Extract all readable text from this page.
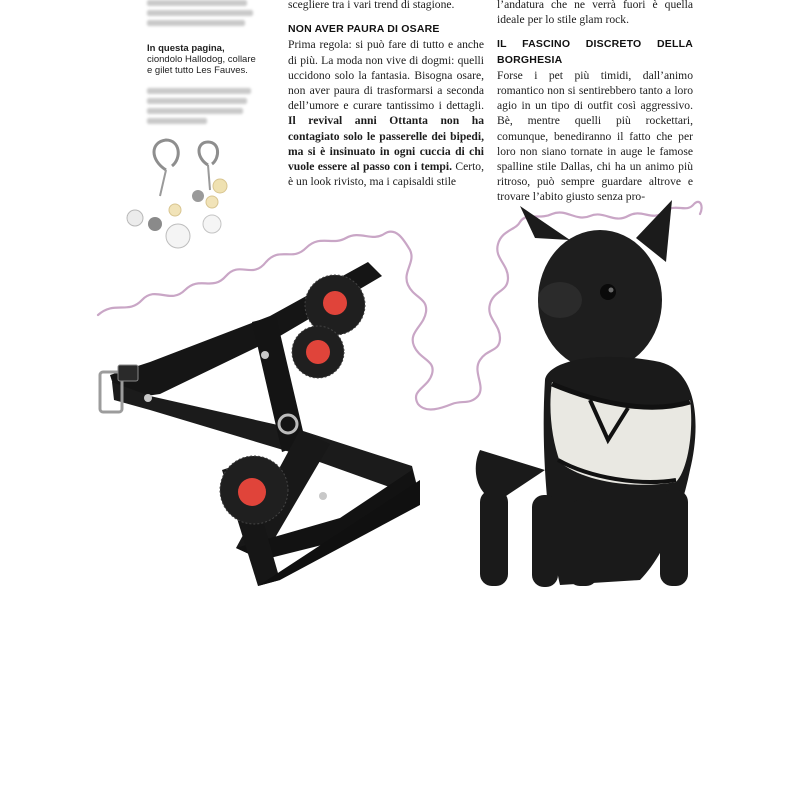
In questa pagina, ciondolo Hallodog, collare e gilet tutto Les Fauves.

scegliere tra i vari trend di stagione.

NON AVER PAURA DI OSARE

Prima regola: si può fare di tutto e anche di più. La moda non vive di dogmi: quelli uccidono solo la fantasia. Bisogna osare, non aver paura di trasformarsi a seconda dell’umore e curare tantissimo i dettagli. Il revival anni Ottanta non ha contagiato solo le passerelle dei bipedi, ma si è insinuato in ogni cuccia di chi vuole essere al passo con i tempi. Certo, è un look rivisto, ma i capisaldi stile

l’andatura che ne verrà fuori è quella ideale per lo stile glam rock.

IL FASCINO DISCRETO DELLA BORGHESIA

Forse i pet più timidi, dall’animo romantico non si sentirebbero tanto a loro agio in un tipo di outfit così aggressivo. Bè, mentre quelli più rockettari, comunque, benediranno il fatto che per loro non siano tornate in auge le famose spalline stile Dallas, chi ha un animo più ritroso, può sempre guardare altrove e trovare l’abito giusto senza pro-
